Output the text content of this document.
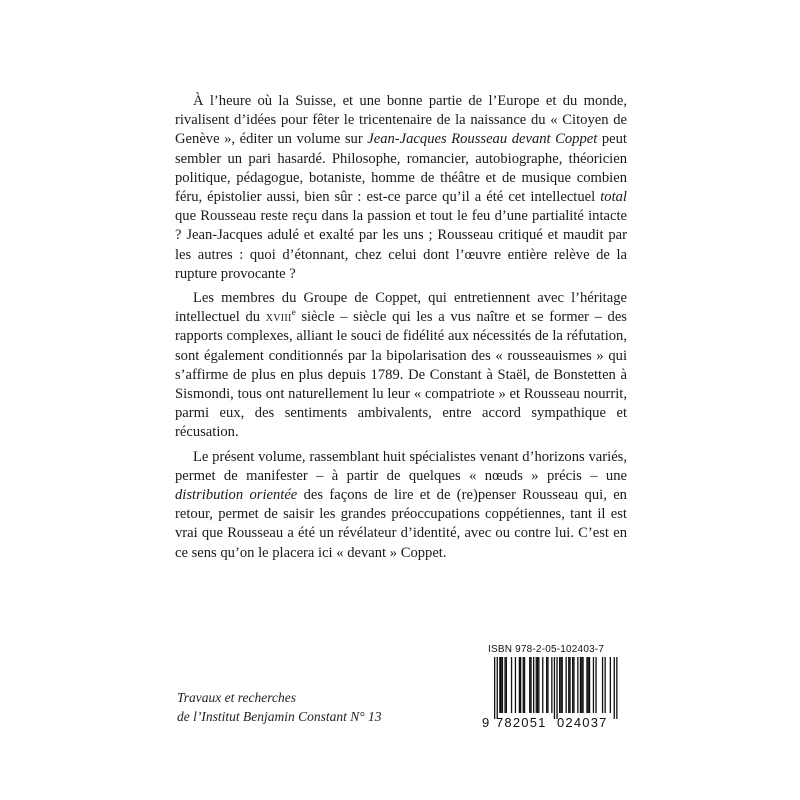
À l’heure où la Suisse, et une bonne partie de l’Europe et du monde, rivalisent d’idées pour fêter le tricentenaire de la naissance du « Citoyen de Genève », éditer un volume sur Jean-Jacques Rousseau devant Coppet peut sembler un pari hasardé. Philosophe, romancier, autobiographe, théoricien politique, pédagogue, botaniste, homme de théâtre et de musique combien féru, épistolier aussi, bien sûr : est-ce parce qu’il a été cet intellectuel total que Rousseau reste reçu dans la passion et tout le feu d’une partialité intacte ? Jean-Jacques adulé et exalté par les uns ; Rousseau critiqué et maudit par les autres : quoi d’étonnant, chez celui dont l’œuvre entière relève de la rupture provocante ?

Les membres du Groupe de Coppet, qui entretiennent avec l’héritage intellectuel du xviii$^e$ siècle – siècle qui les a vus naître et se former – des rapports complexes, alliant le souci de fidélité aux nécessités de la réfutation, sont également conditionnés par la bipolarisation des « rousseauismes » qui s’affirme de plus en plus depuis 1789. De Constant à Staël, de Bonstetten à Sismondi, tous ont naturellement lu leur « compatriote » et Rousseau nourrit, parmi eux, des sentiments ambivalents, entre accord sympathique et récusation.

Le présent volume, rassemblant huit spécialistes venant d’horizons variés, permet de manifester – à partir de quelques « nœuds » précis – une distribution orientée des façons de lire et de (re)penser Rousseau qui, en retour, permet de saisir les grandes préoccupations coppétiennes, tant il est vrai que Rousseau a été un révélateur d’identité, avec ou contre lui. C’est en ce sens qu’on le placera ici « devant » Coppet.

Travaux et recherches
de l’Institut Benjamin Constant N° 13
ISBN 978-2-05-102403-7
9 782051 024037
